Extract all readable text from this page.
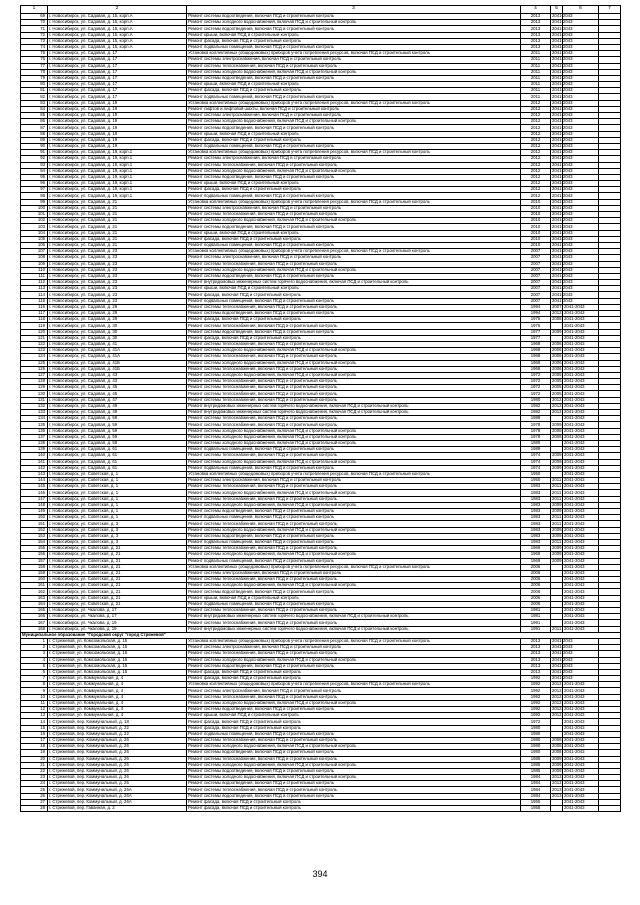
1	2	3	4	5	6	7
69	г. Новосибирск, ул. Садовая, д. 15, корп.А	Ремонт системы водоотведения, включая ПСД и строительный контроль	2013	2041-2043		
70	г. Новосибирск, ул. Садовая, д. 15, корп.А	Ремонт системы холодного водоснабжения, включая ПСД и строительный контроль	2013	2041-2043		
71	г. Новосибирск, ул. Садовая, д. 15, корп.А	Ремонт системы водоотведения, включая ПСД и строительный контроль	2013	2041-2043		
72	г. Новосибирск, ул. Садовая, д. 15, корп.А	Ремонт крыши, включая ПСД и строительный контроль	2013	2041-2043		
73	г. Новосибирск, ул. Садовая, д. 15, корп.А	Ремонт фасада, включая ПСД и строительный контроль	2013	2041-2043		
74	г. Новосибирск, ул. Садовая, д. 15, корп.А	Ремонт подвальных помещений, включая ПСД и строительный контроль	2013	2041-2043		
75	г. Новосибирск, ул. Садовая, д. 17	Установка коллективных (общедомовых) приборов учета потребления ресурсов, включая ПСД и строительный контроль	2011	2041-2043		
76	г. Новосибирск, ул. Садовая, д. 17	Ремонт системы электроснабжения, включая ПСД и строительный контроль	2011	2041-2043		
77	г. Новосибирск, ул. Садовая, д. 17	Ремонт системы теплоснабжения, включая ПСД и строительный контроль	2011	2041-2043		
78	г. Новосибирск, ул. Садовая, д. 17	Ремонт системы холодного водоснабжения, включая ПСД и строительный контроль	2011	2041-2043		
79	г. Новосибирск, ул. Садовая, д. 17	Ремонт системы водоотведения, включая ПСД и строительный контроль	2011	2041-2043		
80	г. Новосибирск, ул. Садовая, д. 17	Ремонт крыши, включая ПСД и строительный контроль	2011	2041-2043		
81	г. Новосибирск, ул. Садовая, д. 17	Ремонт фасада, включая ПСД и строительный контроль	2011	2041-2043		
82	г. Новосибирск, ул. Садовая, д. 17	Ремонт подвальных помещений, включая ПСД и строительный контроль	2011	2041-2043		
83	г. Новосибирск, ул. Садовая, д. 19	Установка коллективных (общедомовых) приборов учета потребления ресурсов, включая ПСД и строительный контроль	2012	2041-2043		
84	г. Новосибирск, ул. Садовая, д. 19	Ремонт лифтов и лифтовой шахты, включая ПСД и строительный контроль	2012	2041-2043		
85	г. Новосибирск, ул. Садовая, д. 19	Ремонт системы электроснабжения, включая ПСД и строительный контроль	2012	2041-2043		
86	г. Новосибирск, ул. Садовая, д. 19	Ремонт системы холодного водоснабжения, включая ПСД и строительный контроль	2012	2041-2043		
87	г. Новосибирск, ул. Садовая, д. 19	Ремонт системы водоотведения, включая ПСД и строительный контроль	2012	2041-2043		
88	г. Новосибирск, ул. Садовая, д. 19	Ремонт крыши, включая ПСД и строительный контроль	2012	2041-2043		
89	г. Новосибирск, ул. Садовая, д. 19	Ремонт фасада, включая ПСД и строительный контроль	2012	2041-2043		
90	г. Новосибирск, ул. Садовая, д. 19	Ремонт подвальных помещений, включая ПСД и строительный контроль	2012	2041-2043		
91	г. Новосибирск, ул. Садовая, д. 19, корп.1	Установка коллективных (общедомовых) приборов учета потребления ресурсов, включая ПСД и строительный контроль	2012	2041-2043		
92	г. Новосибирск, ул. Садовая, д. 19, корп.1	Ремонт системы электроснабжения, включая ПСД и строительный контроль	2012	2041-2043		
93	г. Новосибирск, ул. Садовая, д. 19, корп.1	Ремонт системы теплоснабжения, включая ПСД и строительный контроль	2012	2041-2043		
94	г. Новосибирск, ул. Садовая, д. 19, корп.1	Ремонт системы холодного водоснабжения, включая ПСД и строительный контроль	2012	2041-2043		
95	г. Новосибирск, ул. Садовая, д. 19, корп.1	Ремонт системы водоотведения, включая ПСД и строительный контроль	2012	2041-2043		
96	г. Новосибирск, ул. Садовая, д. 19, корп.1	Ремонт крыши, включая ПСД и строительный контроль	2012	2041-2043		
97	г. Новосибирск, ул. Садовая, д. 19, корп.1	Ремонт фасада, включая ПСД и строительный контроль	2012	2041-2043		
98	г. Новосибирск, ул. Садовая, д. 19, корп.1	Ремонт подвальных помещений, включая ПСД и строительный контроль	2012	2041-2043		
99	г. Новосибирск, ул. Садовая, д. 21	Установка коллективных (общедомовых) приборов учета потребления ресурсов, включая ПСД и строительный контроль	2010	2041-2043		
100	г. Новосибирск, ул. Садовая, д. 21	Ремонт системы электроснабжения, включая ПСД и строительный контроль	2010	2041-2043		
101	г. Новосибирск, ул. Садовая, д. 21	Ремонт системы теплоснабжения, включая ПСД и строительный контроль	2010	2041-2043		
102	г. Новосибирск, ул. Садовая, д. 21	Ремонт системы холодного водоснабжения, включая ПСД и строительный контроль	2010	2041-2043		
103	г. Новосибирск, ул. Садовая, д. 21	Ремонт системы водоотведения, включая ПСД и строительный контроль	2010	2041-2043		
104	г. Новосибирск, ул. Садовая, д. 21	Ремонт крыши, включая ПСД и строительный контроль	2010	2041-2043		
105	г. Новосибирск, ул. Садовая, д. 21	Ремонт фасада, включая ПСД и строительный контроль	2010	2041-2043		
106	г. Новосибирск, ул. Садовая, д. 21	Ремонт подвальных помещений, включая ПСД и строительный контроль	2010	2041-2043		
107	г. Новосибирск, ул. Садовая, д. 23	Установка коллективных (общедомовых) приборов учета потребления ресурсов, включая ПСД и строительный контроль	2007	2041-2043		
108	г. Новосибирск, ул. Садовая, д. 23	Ремонт системы электроснабжения, включая ПСД и строительный контроль	2007	2041-2043		
109	г. Новосибирск, ул. Садовая, д. 23	Ремонт системы теплоснабжения, включая ПСД и строительный контроль	2007	2041-2043		
110	г. Новосибирск, ул. Садовая, д. 23	Ремонт системы холодного водоснабжения, включая ПСД и строительный контроль	2007	2041-2043		
111	г. Новосибирск, ул. Садовая, д. 23	Ремонт системы водоотведения, включая ПСД и строительный контроль	2007	2041-2043		
112	г. Новосибирск, ул. Садовая, д. 23	Ремонт внутридомовых инженерных систем горячего водоснабжения, включая ПСД и строительный контроль	2007	2041-2043		
113	г. Новосибирск, ул. Садовая, д. 23	Ремонт крыши, включая ПСД и строительный контроль	2007	2041-2043		
114	г. Новосибирск, ул. Садовая, д. 23	Ремонт фасада, включая ПСД и строительный контроль	2007	2041-2043		
115	г. Новосибирск, ул. Садовая, д. 23	Ремонт подвальных помещений, включая ПСД и строительный контроль	2007	2041-2043		
116	г. Новосибирск, ул. Садовая, д. 29	Ремонт системы теплоснабжения, включая ПСД и строительный контроль	1994	2007	2041-2043	
117	г. Новосибирск, ул. Садовая, д. 29	Ремонт системы водоотведения, включая ПСД и строительный контроль	1994	2012	2041-2043	
118	г. Новосибирск, ул. Садовая, д. 29	Ремонт фасада, включая ПСД и строительный контроль	1975	2008	2041-2043	
119	г. Новосибирск, ул. Садовая, д. 30	Ремонт системы теплоснабжения, включая ПСД и строительный контроль	1975		2041-2043	
120	г. Новосибирск, ул. Садовая, д. 30	Ремонт системы водоотведения, включая ПСД и строительный контроль	1977	2009	2041-2043	
121	г. Новосибирск, ул. Садовая, д. 30	Ремонт фасада, включая ПСД и строительный контроль	1977		2041-2043	
122	г. Новосибирск, ул. Садовая, д. 41	Ремонт системы теплоснабжения, включая ПСД и строительный контроль	1968	2006	2041-2043	
123	г. Новосибирск, ул. Садовая, д. 41А	Ремонт системы холодного водоснабжения, включая ПСД и строительный контроль	1968	2006	2041-2043	
124	г. Новосибирск, ул. Садовая, д. 41А	Ремонт системы теплоснабжения, включая ПСД и строительный контроль	1968	2006	2041-2043	
125	г. Новосибирск, ул. Садовая, д. 41Б	Ремонт системы холодного водоснабжения, включая ПСД и строительный контроль	1969	2006	2041-2043	
126	г. Новосибирск, ул. Садовая, д. 41Б	Ремонт системы теплоснабжения, включая ПСД и строительный контроль	1969	2006	2041-2043	
127	г. Новосибирск, ул. Садовая, д. 43	Ремонт системы холодного водоснабжения, включая ПСД и строительный контроль	1972	2005	2041-2043	
128	г. Новосибирск, ул. Садовая, д. 43	Ремонт системы теплоснабжения, включая ПСД и строительный контроль	1972	2005	2041-2043	
129	г. Новосибирск, ул. Садовая, д. 45	Ремонт системы теплоснабжения, включая ПСД и строительный контроль	1972	2005	2041-2043	
130	г. Новосибирск, ул. Садовая, д. 45	Ремонт системы теплоснабжения, включая ПСД и строительный контроль	1972	2005	2041-2043	
131	г. Новосибирск, ул. Садовая, д. 47	Ремонт системы теплоснабжения, включая ПСД и строительный контроль	1980	2012	2041-2043	
132	г. Новосибирск, ул. Садовая, д. 49	Ремонт внутридомовых инженерных систем горячего водоснабжения, включая ПСД и строительный контроль	1982	2012	2041-2043	
133	г. Новосибирск, ул. Садовая, д. 49	Ремонт внутридомовых инженерных систем горячего водоснабжения, включая ПСД и строительный контроль	1982	2012	2041-2043	
134	г. Новосибирск, ул. Садовая, д. 59	Ремонт системы теплоснабжения, включая ПСД и строительный контроль	1988		2041-2043	
135	г. Новосибирск, ул. Садовая, д. 59	Ремонт системы теплоснабжения, включая ПСД и строительный контроль	1978	2009	2041-2043	
136	г. Новосибирск, ул. Садовая, д. 59	Ремонт системы холодного водоснабжения, включая ПСД и строительный контроль	1978	2008	2041-2043	
137	г. Новосибирск, ул. Садовая, д. 59	Ремонт системы холодного водоснабжения, включая ПСД и строительный контроль	1978	2008	2041-2043	
138	г. Новосибирск, ул. Садовая, д. 59	Ремонт системы холодного водоснабжения, включая ПСД и строительный контроль	1989		2041-2043	
139	г. Новосибирск, ул. Садовая, д. 61	Ремонт подвальных помещений, включая ПСД и строительный контроль	1989		2041-2043	
140	г. Новосибирск, ул. Садовая, д. 61	Ремонт системы теплоснабжения, включая ПСД и строительный контроль	1974	2009	2041-2043	
141	г. Новосибирск, ул. Садовая, д. 61	Ремонт системы холодного водоснабжения, включая ПСД и строительный контроль	1974	2009	2041-2043	
142	г. Новосибирск, ул. Садовая, д. 61	Ремонт подвальных помещений, включая ПСД и строительный контроль	1974	2009	2041-2043	
143	г. Новосибирск, ул. Советская, д. 1	Установка коллективных (общедомовых) приборов учета потребления ресурсов, включая ПСД и строительный контроль	1950		2041-2043	
144	г. Новосибирск, ул. Советская, д. 1	Ремонт системы электроснабжения, включая ПСД и строительный контроль	1950	2011	2041-2043	
145	г. Новосибирск, ул. Советская, д. 1	Ремонт системы теплоснабжения, включая ПСД и строительный контроль	1983	2011	2041-2043	
146	г. Новосибирск, ул. Советская, д. 1	Ремонт системы холодного водоснабжения, включая ПСД и строительный контроль	1983	2011	2041-2043	
147	г. Новосибирск, ул. Советская, д. 1	Ремонт системы теплоснабжения, включая ПСД и строительный контроль	1983	2011	2041-2043	
148	г. Новосибирск, ул. Советская, д. 1	Ремонт системы холодного водоснабжения, включая ПСД и строительный контроль	1983	2009	2041-2043	
149	г. Новосибирск, ул. Советская, д. 1	Ремонт системы водоотведения, включая ПСД и строительный контроль	1983	2009	2041-2043	
150	г. Новосибирск, ул. Советская, д. 1	Ремонт подвальных помещений, включая ПСД и строительный контроль	1983	2011	2041-2043	
151	г. Новосибирск, ул. Советская, д. 3	Ремонт системы теплоснабжения, включая ПСД и строительный контроль	1983	2011	2041-2043	
152	г. Новосибирск, ул. Советская, д. 3	Ремонт системы холодного водоснабжения, включая ПСД и строительный контроль	1983	2009	2041-2043	
153	г. Новосибирск, ул. Советская, д. 3	Ремонт системы водоотведения, включая ПСД и строительный контроль	1983	2009	2041-2043	
154	г. Новосибирск, ул. Советская, д. 3	Ремонт подвальных помещений, включая ПСД и строительный контроль	1983	2011	2041-2043	
155	г. Новосибирск, ул. Советская, д. 21	Ремонт системы теплоснабжения, включая ПСД и строительный контроль	1969	2009	2041-2043	
156	г. Новосибирск, ул. Советская, д. 21	Ремонт системы холодного водоснабжения, включая ПСД и строительный контроль	1969	2009	2041-2043	
157	г. Новосибирск, ул. Советская, д. 21	Ремонт подвальных помещений, включая ПСД и строительный контроль	1969	2009	2041-2043	
158	г. Новосибирск, ул. Советская, д. 21	Установка коллективных (общедомовых) приборов учета потребления ресурсов, включая ПСД и строительный контроль	2006		2041-2043	
159	г. Новосибирск, ул. Советская, д. 21	Ремонт системы электроснабжения, включая ПСД и строительный контроль	2006		2041-2043	
160	г. Новосибирск, ул. Советская, д. 21	Ремонт системы теплоснабжения, включая ПСД и строительный контроль	2006		2041-2043	
161	г. Новосибирск, ул. Советская, д. 21	Ремонт системы холодного водоснабжения, включая ПСД и строительный контроль	2006		2041-2043	
162	г. Новосибирск, ул. Советская, д. 21	Ремонт системы водоотведения, включая ПСД и строительный контроль	2006		2041-2043	
163	г. Новосибирск, ул. Советская, д. 21	Ремонт крыши, включая ПСД и строительный контроль	2006		2041-2043	
164	г. Новосибирск, ул. Советская, д. 21	Ремонт подвальных помещений, включая ПСД и строительный контроль	2006		2041-2043	
165	г. Новосибирск, ул. Чкалова, д. 17	Ремонт системы теплоснабжения, включая ПСД и строительный контроль	1981		2041-2043	
166	г. Новосибирск, ул. Чкалова, д. 17	Ремонт внутридомовых инженерных систем горячего водоснабжения, включая ПСД и строительный контроль	1981		2041-2043	
167	г. Новосибирск, ул. Чкалова, д. 19	Ремонт системы теплоснабжения, включая ПСД и строительный контроль	1991		2041-2043	
168	г. Новосибирск, ул. Чкалова, д. 19	Ремонт внутридомовых инженерных систем горячего водоснабжения, включая ПСД и строительный контроль	1991	2011	2041-2043	
Муниципальное образование "Городской округ "город Стрежевой"						
1	г. Стрежевой, ул. Комсомольская, д. 15	Установка коллективных (общедомовых) приборов учета потребления ресурсов, включая ПСД и строительный контроль	2013	2041-2043		
2	г. Стрежевой, ул. Комсомольская, д. 15	Ремонт системы электроснабжения, включая ПСД и строительный контроль	2013	2041-2043		
3	г. Стрежевой, ул. Комсомольская, д. 15	Ремонт системы теплоснабжения, включая ПСД и строительный контроль	2013	2041-2043		
4	г. Стрежевой, ул. Комсомольская, д. 15	Ремонт системы холодного водоснабжения, включая ПСД и строительный контроль	2013	2041-2043		
5	г. Стрежевой, ул. Комсомольская, д. 15	Ремонт системы водоотведения, включая ПСД и строительный контроль	2013	2041-2043		
6	г. Стрежевой, ул. Комсомольская, д. 15	Ремонт фасада, включая ПСД и строительный контроль	2013	2041-2043		
7	г. Стрежевой, ул. Коммунальная, д. 4	Ремонт фасада, включая ПСД и строительный контроль	1992	2041-2043		
8	г. Стрежевой, ул. Коммунальная, д. 4	Установка коллективных (общедомовых) приборов учета потребления ресурсов, включая ПСД и строительный контроль	1992	2012	2041-2043	
9	г. Стрежевой, ул. Коммунальная, д. 4	Ремонт системы электроснабжения, включая ПСД и строительный контроль	1992	2012	2041-2043	
10	г. Стрежевой, ул. Коммунальная, д. 4	Ремонт системы теплоснабжения, включая ПСД и строительный контроль	1992	2012	2041-2043	
11	г. Стрежевой, ул. Коммунальная, д. 4	Ремонт системы холодного водоснабжения, включая ПСД и строительный контроль	1992	2012	2041-2043	
12	г. Стрежевой, ул. Коммунальная, д. 4	Ремонт системы водоотведения, включая ПСД и строительный контроль	1992	2012	2041-2043	
13	г. Стрежевой, ул. Коммунальная, д. 4	Ремонт крыши, включая ПСД и строительный контроль	1992	2012	2041-2043	
14	г. Стрежевой, пер. Коммунальный, д. 18	Ремонт фасада, включая ПСД и строительный контроль	1972		2041-2043	
15	г. Стрежевой, пер. Коммунальный, д. 22	Ремонт фасада, включая ПСД и строительный контроль	1980		2041-2043	
16	г. Стрежевой, пер. Коммунальный, д. 22	Ремонт подвальных помещений, включая ПСД и строительный контроль	1980		2041-2043	
17	г. Стрежевой, пер. Коммунальный, д. 26	Ремонт системы теплоснабжения, включая ПСД и строительный контроль	1980	2008	2041-2043	
18	г. Стрежевой, пер. Коммунальный, д. 26	Ремонт системы холодного водоснабжения, включая ПСД и строительный контроль	1980	2008	2041-2043	
19	г. Стрежевой, пер. Коммунальный, д. 26	Ремонт системы водоотведения, включая ПСД и строительный контроль	1980	2008	2041-2043	
20	г. Стрежевой, пер. Коммунальный, д. 26	Ремонт системы теплоснабжения, включая ПСД и строительный контроль	1985	2009	2041-2043	
21	г. Стрежевой, пер. Коммунальный, д. 26	Ремонт системы холодного водоснабжения, включая ПСД и строительный контроль	1985	2009	2041-2043	
22	г. Стрежевой, пер. Коммунальный, д. 26	Ремонт системы водоотведения, включая ПСД и строительный контроль	1985	2009	2041-2043	
23	г. Стрежевой, пер. Коммунальный, д. 26	Ремонт системы холодного водоснабжения, включая ПСД и строительный контроль	1984	2013	2041-2043	
24	г. Стрежевой, пер. Коммунальный, д. 26	Ремонт системы водоотведения, включая ПСД и строительный контроль	1984	2013	2041-2043	
25	г. Стрежевой, пер. Коммунальный, д. 26А	Ремонт системы теплоснабжения, включая ПСД и строительный контроль	1984	2013	2041-2043	
26	г. Стрежевой, пер. Коммунальный, д. 26А	Ремонт системы водоотведения, включая ПСД и строительный контроль	1984	2013	2041-2043	
27	г. Стрежевой, пер. Коммунальный, д. 26А	Ремонт фасада, включая ПСД и строительный контроль	1955		2041-2043	
28	г. Стрежевой, пер. Гаванная, д. 2	Ремонт фасада, включая ПСД и строительный контроль	1958		2041-2043	
394
